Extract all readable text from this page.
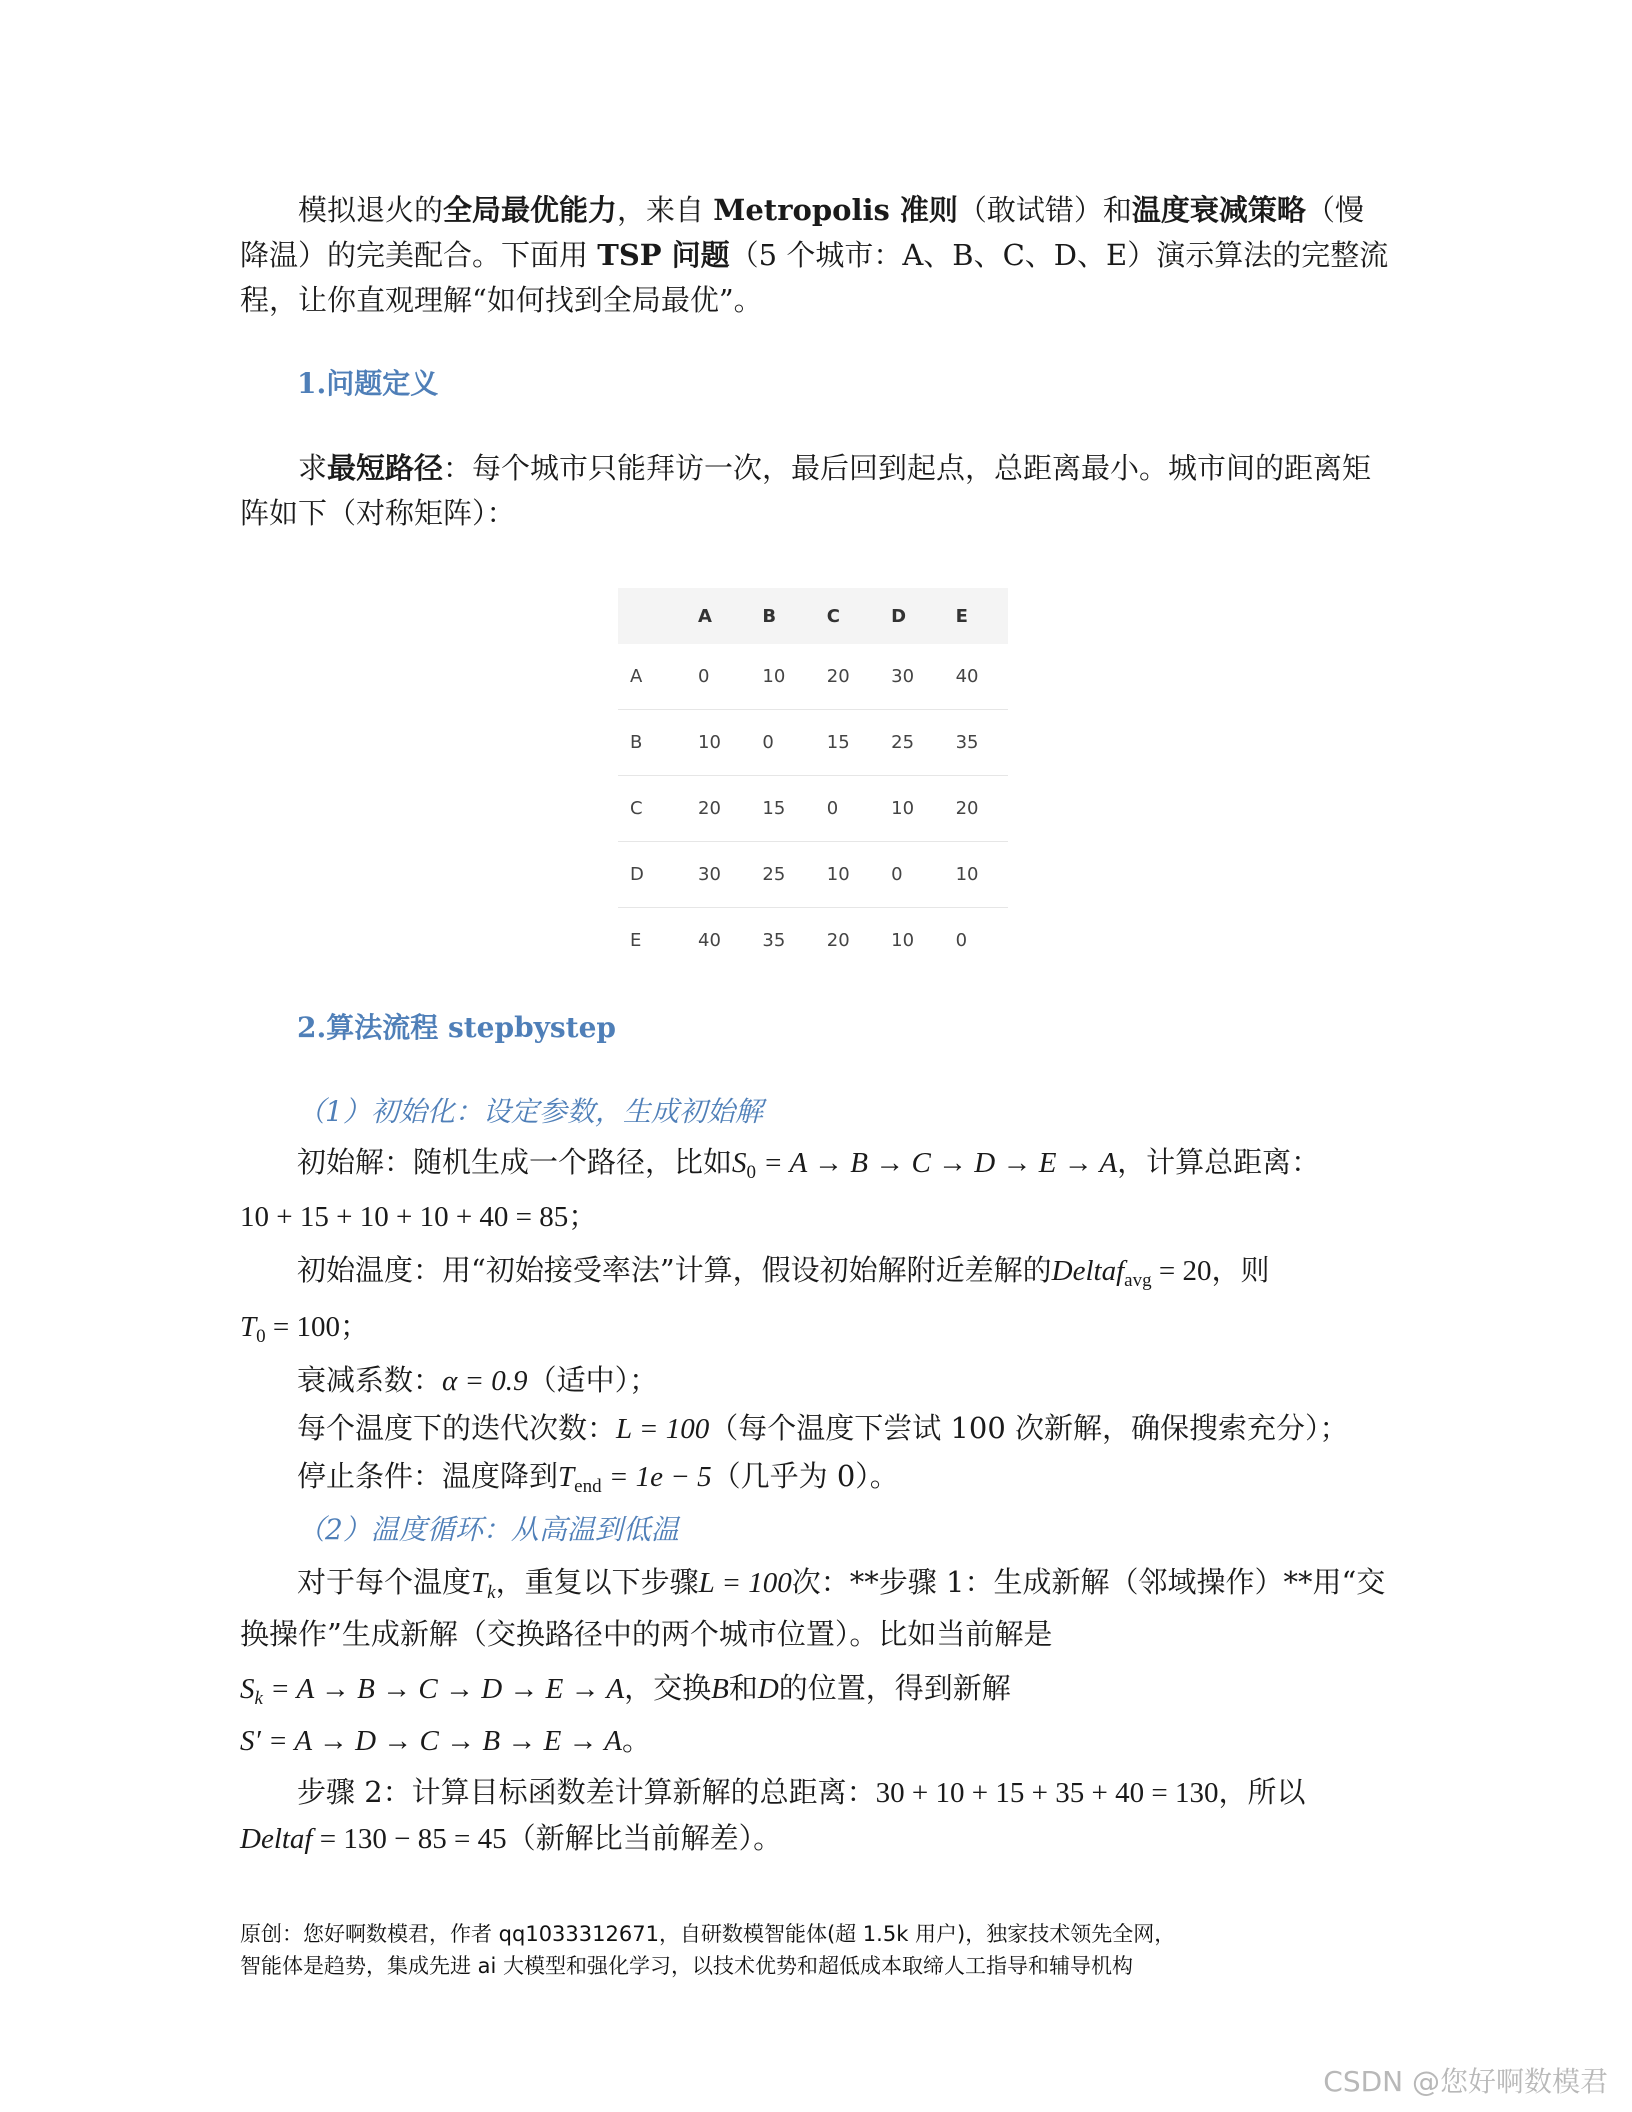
模拟退火的全局最优能力，来自 Metropolis 准则（敢试错）和温度衰减策略（慢降温）的完美配合。下面用 TSP 问题（5 个城市：A、B、C、D、E）演示算法的完整流程，让你直观理解“如何找到全局最优”。

1.问题定义

求最短路径：每个城市只能拜访一次，最后回到起点，总距离最小。城市间的距离矩阵如下（对称矩阵）：

	A	B	C	D	E
A	0	10	20	30	40
B	10	0	15	25	35
C	20	15	0	10	20
D	30	25	10	0	10
E	40	35	20	10	0

2.算法流程 stepbystep

（1）初始化：设定参数，生成初始解

初始解：随机生成一个路径，比如$S_0 = A \to B \to C \to D \to E \to A$，计算总距离：

10 + 15 + 10 + 10 + 40 = 85；

初始温度：用“初始接受率法”计算，假设初始解附近差解的Deltaf$_{avg}$ = 20，则

$T_0 = 100$；

衰减系数：α = 0.9（适中）；

每个温度下的迭代次数：L = 100（每个温度下尝试 100 次新解，确保搜索充分）；

停止条件：温度降到$T_{end} = 1e - 5$（几乎为 0）。

（2）温度循环：从高温到低温

对于每个温度$T_k$，重复以下步骤L = 100次：**步骤 1：生成新解（邻域操作）**用“交

换操作”生成新解（交换路径中的两个城市位置）。比如当前解是

$S_k = A \to B \to C \to D \to E \to A$，交换B和D的位置，得到新解

S′ = A → D → C → B → E → A。

步骤 2：计算目标函数差计算新解的总距离：30 + 10 + 15 + 35 + 40 = 130，所以

Deltaf = 130 − 85 = 45（新解比当前解差）。

原创：您好啊数模君，作者 qq1033312671，自研数模智能体(超 1.5k 用户)，独家技术领先全网，
智能体是趋势，集成先进 ai 大模型和强化学习，以技术优势和超低成本取缔人工指导和辅导机构
CSDN @您好啊数模君
